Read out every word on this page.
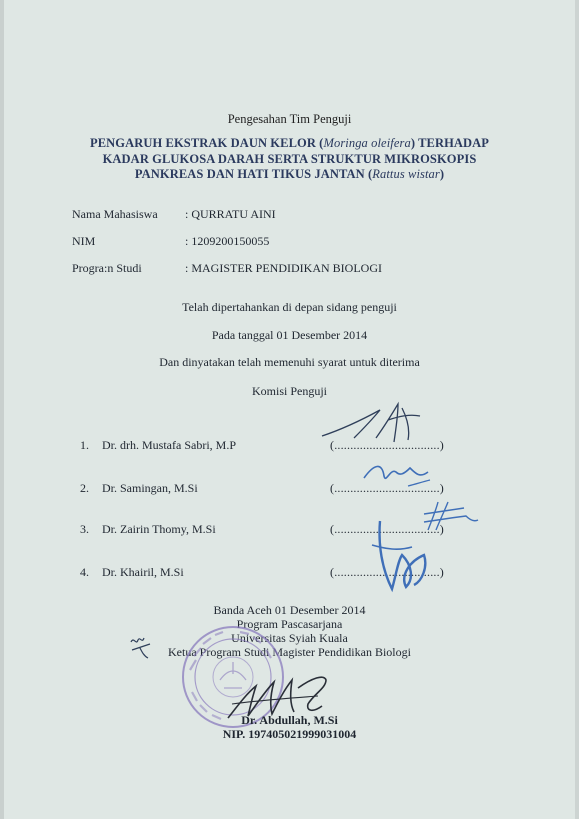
Pengesahan Tim Penguji
PENGARUH EKSTRAK DAUN KELOR (Moringa oleifera) TERHADAP
KADAR GLUKOSA DARAH SERTA STRUKTUR MIKROSKOPIS
PANKREAS DAN HATI TIKUS JANTAN (Rattus wistar)
Nama Mahasiswa : QURRATU AINI
NIM	: 1209200150055
Progra:n Studi	: MAGISTER PENDIDIKAN BIOLOGI
Telah dipertahankan di depan sidang penguji
Pada tanggal 01 Desember 2014
Dan dinyatakan telah memenuhi syarat untuk diterima
Komisi Penguji
1. Dr. drh. Mustafa Sabri, M.P	(.................................)
2. Dr. Samingan, M.Si	(.................................)
3. Dr. Zairin Thomy, M.Si	(.................................)
4. Dr. Khairil, M.Si	(.................................)
Banda Aceh 01 Desember 2014
Program Pascasarjana
Universitas Syiah Kuala
Ketua Program Studi Magister Pendidikan Biologi
Dr. Abdullah, M.Si
NIP. 197405021999031004
